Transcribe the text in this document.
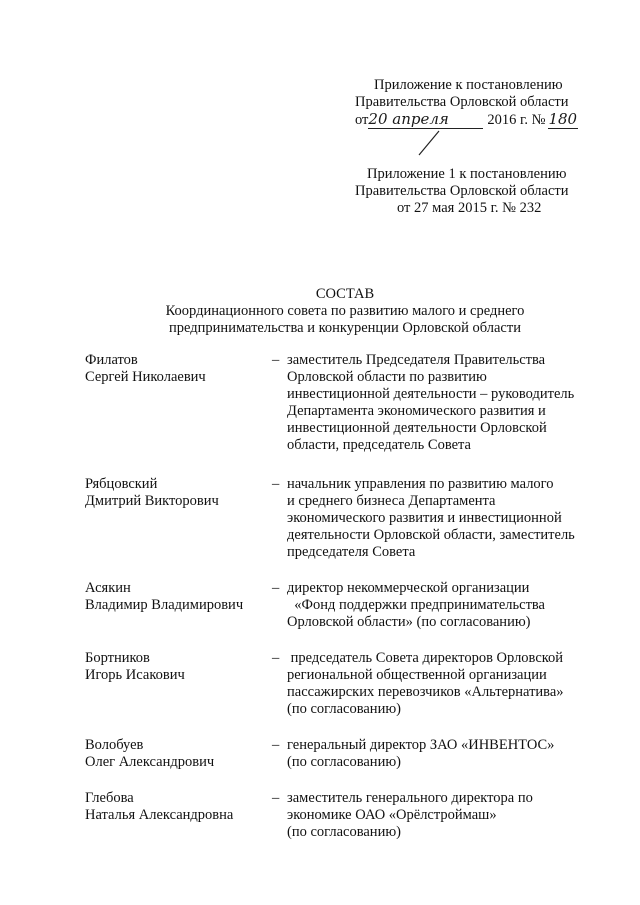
Приложение к постановлению
Правительства Орловской области
от20 апреля	2016 г. № 180
Приложение 1 к постановлению
Правительства Орловской области
от 27 мая 2015 г. № 232
СОСТАВ
Координационного совета по развитию малого и среднего
предпринимательства и конкуренции Орловской области
Филатов
Сергей Николаевич
– заместитель Председателя Правительства
Орловской области по развитию
инвестиционной деятельности – руководитель
Департамента экономического развития и
инвестиционной деятельности Орловской
области, председатель Совета
Рябцовский
Дмитрий Викторович
– начальник управления по развитию малого
и среднего бизнеса Департамента
экономического развития и инвестиционной
деятельности Орловской области, заместитель
председателя Совета
Асякин
Владимир Владимирович
– директор некоммерческой организации
«Фонд поддержки предпринимательства
Орловской области» (по согласованию)
Бортников
Игорь Исакович
– председатель Совета директоров Орловской
региональной общественной организации
пассажирских перевозчиков «Альтернатива»
(по согласованию)
Волобуев
Олег Александрович
– генеральный директор ЗАО «ИНВЕНТОС»
(по согласованию)
Глебова
Наталья Александровна
– заместитель генерального директора по
экономике ОАО «Орёлстроймаш»
(по согласованию)
